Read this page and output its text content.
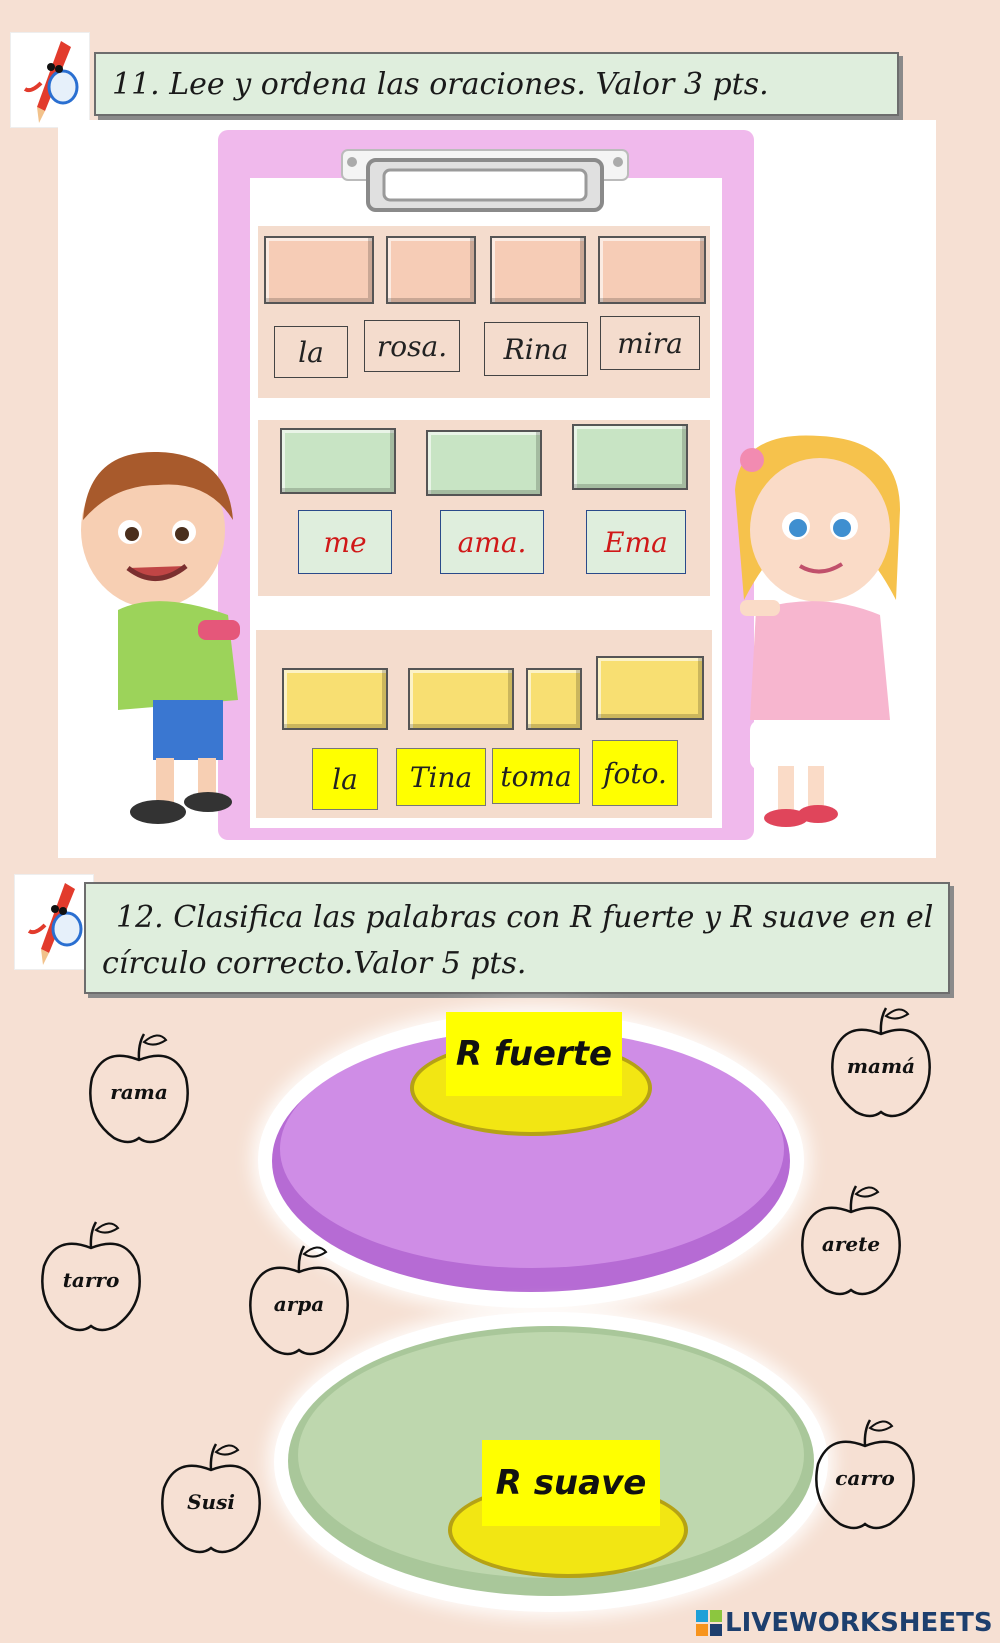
11. Lee y ordena las oraciones. Valor 3 pts.
la	rosa.	Rina	mira
me	ama.	Ema
la	Tina	toma	foto.
12. Clasifica las palabras con R fuerte y R suave en el
círculo correcto.Valor 5 pts.
R fuerte
R suave
rama
mamá
arete
tarro
arpa
Susi
carro
LIVEWORKSHEETS
